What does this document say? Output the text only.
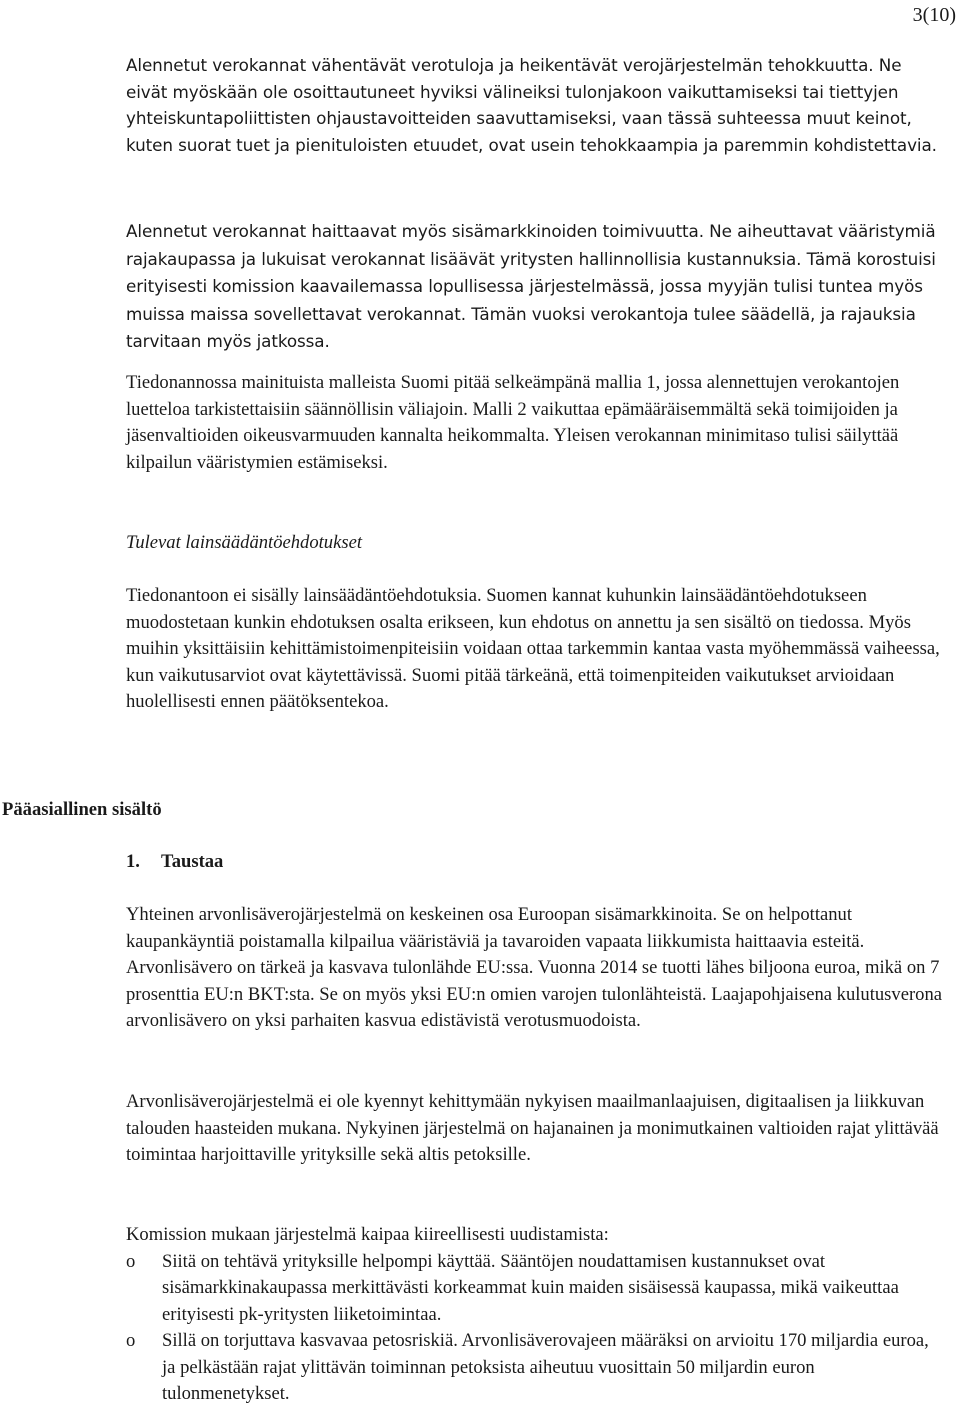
3(10)

Alennetut verokannat vähentävät verotuloja ja heikentävät verojärjestelmän tehokkuutta. Ne eivät myöskään ole osoittautuneet hyviksi välineiksi tulonjakoon vaikuttamiseksi tai tiettyjen yhteiskuntapoliittisten ohjaustavoitteiden saavuttamiseksi, vaan tässä suhteessa muut keinot, kuten suorat tuet ja pienituloisten etuudet, ovat usein tehokkaampia ja paremmin kohdistettavia.

Alennetut verokannat haittaavat myös sisämarkkinoiden toimivuutta. Ne aiheuttavat vääristymiä rajakaupassa ja lukuisat verokannat lisäävät yritysten hallinnollisia kustannuksia. Tämä korostuisi erityisesti komission kaavailemassa lopullisessa järjestelmässä, jossa myyjän tulisi tuntea myös muissa maissa sovellettavat verokannat. Tämän vuoksi verokantoja tulee säädellä, ja rajauksia tarvitaan myös jatkossa.

Tiedonannossa mainituista malleista Suomi pitää selkeämpänä mallia 1, jossa alennettujen verokantojen luetteloa tarkistettaisiin säännöllisin väliajoin. Malli 2 vaikuttaa epämääräisemmältä sekä toimijoiden ja jäsenvaltioiden oikeusvarmuuden kannalta heikommalta. Yleisen verokannan minimitaso tulisi säilyttää kilpailun vääristymien estämiseksi.

Tulevat lainsäädäntöehdotukset

Tiedonantoon ei sisälly lainsäädäntöehdotuksia. Suomen kannat kuhunkin lainsäädäntöehdotukseen muodostetaan kunkin ehdotuksen osalta erikseen, kun ehdotus on annettu ja sen sisältö on tiedossa. Myös muihin yksittäisiin kehittämistoimenpiteisiin voidaan ottaa tarkemmin kantaa vasta myöhemmässä vaiheessa, kun vaikutusarviot ovat käytettävissä. Suomi pitää tärkeänä, että toimenpiteiden vaikutukset arvioidaan huolellisesti ennen päätöksentekoa.

Pääasiallinen sisältö
1. Taustaa

Yhteinen arvonlisäverojärjestelmä on keskeinen osa Euroopan sisämarkkinoita. Se on helpottanut kaupankäyntiä poistamalla kilpailua vääristäviä ja tavaroiden vapaata liikkumista haittaavia esteitä. Arvonlisävero on tärkeä ja kasvava tulonlähde EU:ssa. Vuonna 2014 se tuotti lähes biljoona euroa, mikä on 7 prosenttia EU:n BKT:sta. Se on myös yksi EU:n omien varojen tulonlähteistä. Laajapohjaisena kulutusverona arvonlisävero on yksi parhaiten kasvua edistävistä verotusmuodoista.

Arvonlisäverojärjestelmä ei ole kyennyt kehittymään nykyisen maailmanlaajuisen, digitaalisen ja liikkuvan talouden haasteiden mukana. Nykyinen järjestelmä on hajanainen ja monimutkainen valtioiden rajat ylittävää toimintaa harjoittaville yrityksille sekä altis petoksille.

Komission mukaan järjestelmä kaipaa kiireellisesti uudistamista:

o Siitä on tehtävä yrityksille helpompi käyttää. Sääntöjen noudattamisen kustannukset ovat sisämarkkinakaupassa merkittävästi korkeammat kuin maiden sisäisessä kaupassa, mikä vaikeuttaa erityisesti pk-yritysten liiketoimintaa.
o Sillä on torjuttava kasvavaa petosriskiä. Arvonlisäverovajeen määräksi on arvioitu 170 miljardia euroa, ja pelkästään rajat ylittävän toiminnan petoksista aiheutuu vuosittain 50 miljardin euron tulonmenetykset.
